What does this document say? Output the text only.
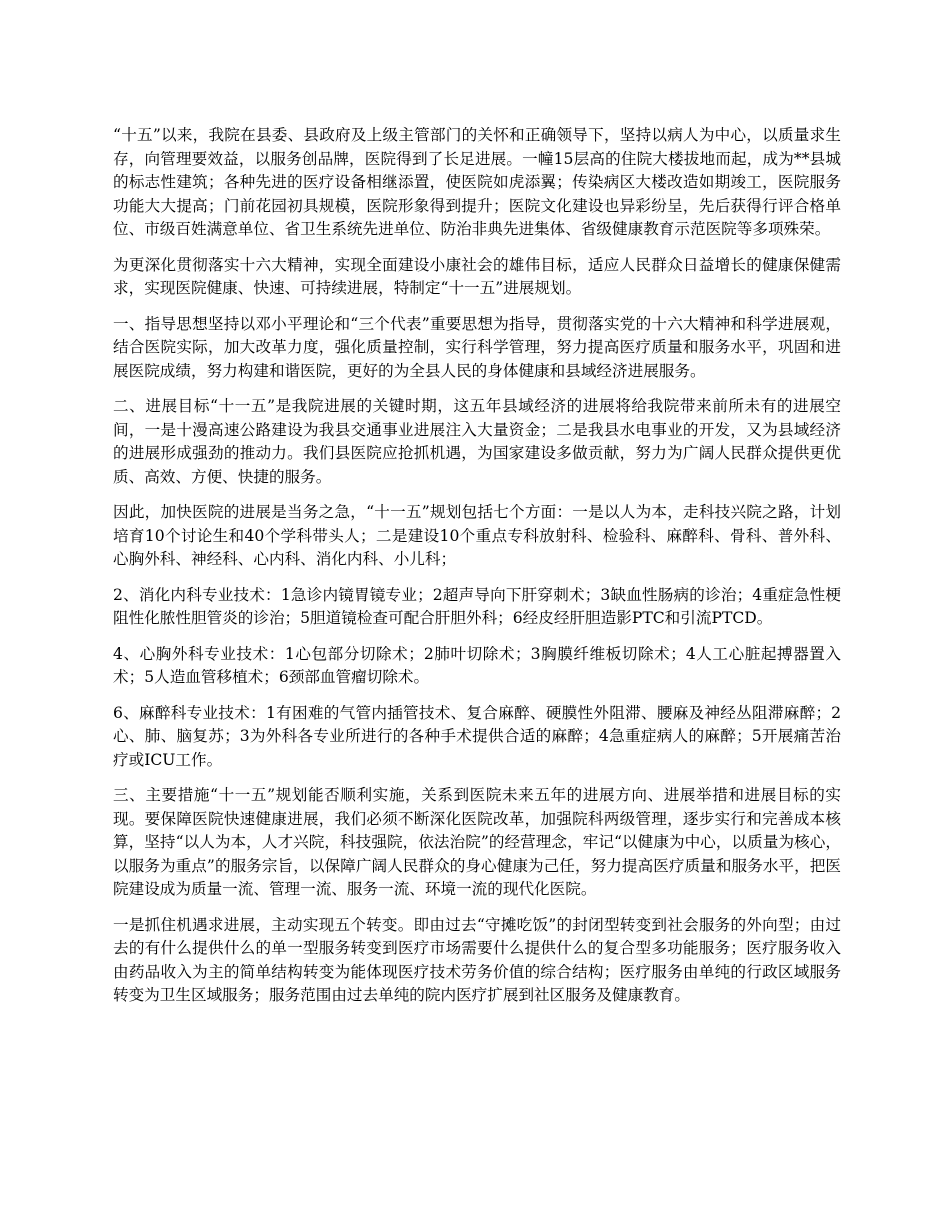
“十五”以来，我院在县委、县政府及上级主管部门的关怀和正确领导下，坚持以病人为中心，以质量求生存，向管理要效益，以服务创品牌，医院得到了长足进展。一幢15层高的住院大楼拔地而起，成为**县城的标志性建筑；各种先进的医疗设备相继添置，使医院如虎添翼；传染病区大楼改造如期竣工，医院服务功能大大提高；门前花园初具规模，医院形象得到提升；医院文化建设也异彩纷呈，先后获得行评合格单位、市级百姓满意单位、省卫生系统先进单位、防治非典先进集体、省级健康教育示范医院等多项殊荣。

为更深化贯彻落实十六大精神，实现全面建设小康社会的雄伟目标，适应人民群众日益增长的健康保健需求，实现医院健康、快速、可持续进展，特制定“十一五”进展规划。

一、指导思想坚持以邓小平理论和“三个代表”重要思想为指导，贯彻落实党的十六大精神和科学进展观，结合医院实际，加大改革力度，强化质量控制，实行科学管理，努力提高医疗质量和服务水平，巩固和进展医院成绩，努力构建和谐医院，更好的为全县人民的身体健康和县域经济进展服务。

二、进展目标“十一五”是我院进展的关键时期，这五年县域经济的进展将给我院带来前所未有的进展空间，一是十漫高速公路建设为我县交通事业进展注入大量资金；二是我县水电事业的开发，又为县域经济的进展形成强劲的推动力。我们县医院应抢抓机遇，为国家建设多做贡献，努力为广阔人民群众提供更优质、高效、方便、快捷的服务。

因此，加快医院的进展是当务之急，“十一五”规划包括七个方面：一是以人为本，走科技兴院之路，计划培育10个讨论生和40个学科带头人；二是建设10个重点专科放射科、检验科、麻醉科、骨科、普外科、心胸外科、神经科、心内科、消化内科、小儿科；

2、消化内科专业技术：1急诊内镜胃镜专业；2超声导向下肝穿刺术；3缺血性肠病的诊治；4重症急性梗阻性化脓性胆管炎的诊治；5胆道镜检查可配合肝胆外科；6经皮经肝胆造影PTC和引流PTCD。

4、心胸外科专业技术：1心包部分切除术；2肺叶切除术；3胸膜纤维板切除术；4人工心脏起搏器置入术；5人造血管移植术；6颈部血管瘤切除术。

6、麻醉科专业技术：1有困难的气管内插管技术、复合麻醉、硬膜性外阻滞、腰麻及神经丛阻滞麻醉；2心、肺、脑复苏；3为外科各专业所进行的各种手术提供合适的麻醉；4急重症病人的麻醉；5开展痛苦治疗或ICU工作。

三、主要措施“十一五”规划能否顺利实施，关系到医院未来五年的进展方向、进展举措和进展目标的实现。要保障医院快速健康进展，我们必须不断深化医院改革，加强院科两级管理，逐步实行和完善成本核算，坚持“以人为本，人才兴院，科技强院，依法治院”的经营理念，牢记“以健康为中心，以质量为核心，以服务为重点”的服务宗旨，以保障广阔人民群众的身心健康为己任，努力提高医疗质量和服务水平，把医院建设成为质量一流、管理一流、服务一流、环境一流的现代化医院。

一是抓住机遇求进展，主动实现五个转变。即由过去“守摊吃饭”的封闭型转变到社会服务的外向型；由过去的有什么提供什么的单一型服务转变到医疗市场需要什么提供什么的复合型多功能服务；医疗服务收入由药品收入为主的简单结构转变为能体现医疗技术劳务价值的综合结构；医疗服务由单纯的行政区域服务转变为卫生区域服务；服务范围由过去单纯的院内医疗扩展到社区服务及健康教育。
